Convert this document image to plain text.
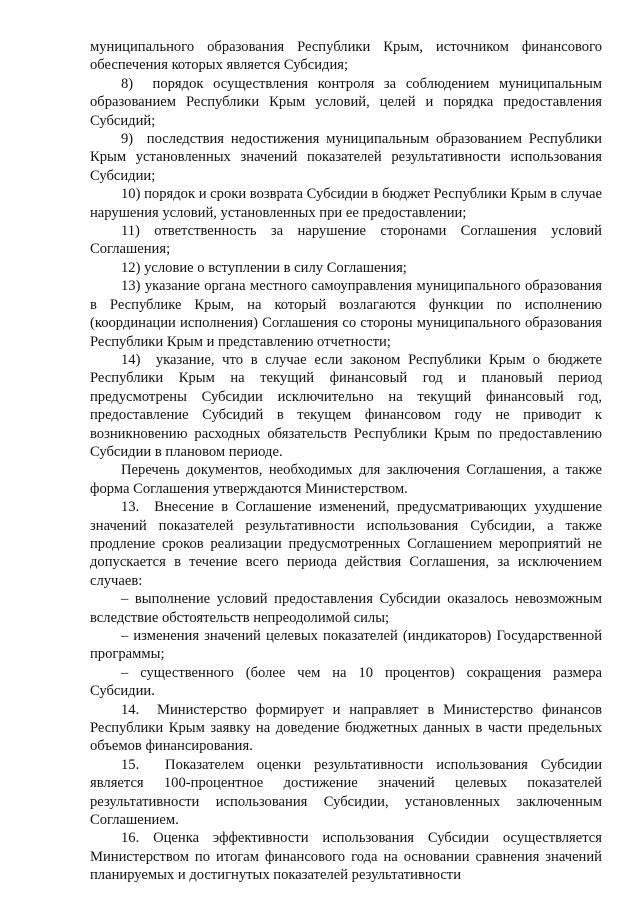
муниципального образования Республики Крым, источником финансового обеспечения которых является Субсидия;

8)  порядок осуществления контроля за соблюдением муниципальным образованием Республики Крым условий, целей и порядка предоставления Субсидий;

9)  последствия недостижения муниципальным образованием Республики Крым установленных значений показателей результативности использования Субсидии;

10) порядок и сроки возврата Субсидии в бюджет Республики Крым в случае нарушения условий, установленных при ее предоставлении;

11) ответственность за нарушение сторонами Соглашения условий Соглашения;

12) условие о вступлении в силу Соглашения;

13) указание органа местного самоуправления муниципального образования в Республике Крым, на который возлагаются функции по исполнению (координации исполнения) Соглашения со стороны муниципального образования Республики Крым и представлению отчетности;

14)  указание, что в случае если законом Республики Крым о бюджете Республики Крым на текущий финансовый год и плановый период предусмотрены Субсидии исключительно на текущий финансовый год, предоставление Субсидий в текущем финансовом году не приводит к возникновению расходных обязательств Республики Крым по предоставлению Субсидии в плановом периоде.

Перечень документов, необходимых для заключения Соглашения, а также форма Соглашения утверждаются Министерством.

13.  Внесение в Соглашение изменений, предусматривающих ухудшение значений показателей результативности использования Субсидии, а также продление сроков реализации предусмотренных Соглашением мероприятий не допускается в течение всего периода действия Соглашения, за исключением случаев:

– выполнение условий предоставления Субсидии оказалось невозможным вследствие обстоятельств непреодолимой силы;

– изменения значений целевых показателей (индикаторов) Государственной программы;

– существенного (более чем на 10 процентов) сокращения размера Субсидии.

14.  Министерство формирует и направляет в Министерство финансов Республики Крым заявку на доведение бюджетных данных в части предельных объемов финансирования.

15.  Показателем оценки результативности использования Субсидии является 100-процентное достижение значений целевых показателей результативности использования Субсидии, установленных заключенным Соглашением.

16. Оценка эффективности использования Субсидии осуществляется Министерством по итогам финансового года на основании сравнения значений планируемых и достигнутых показателей результативности
